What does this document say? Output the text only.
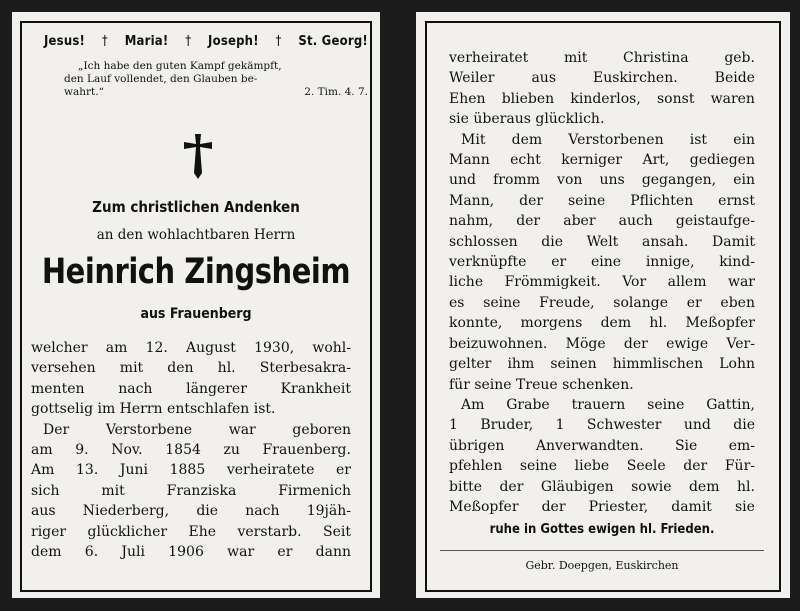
Jesus! † Maria! † Joseph! † St. Georg!
„Ich habe den guten Kampf gekämpft,
den Lauf vollendet, den Glauben be-
wahrt.“	2. Tim. 4. 7.
Zum christlichen Andenken
an den wohlachtbaren Herrn
Heinrich Zingsheim
aus Frauenberg
welcher am 12. August 1930, wohl-
versehen mit den hl. Sterbesakra-
menten nach längerer Krankheit
gottselig im Herrn entschlafen ist.
Der	Verstorbene	war	geboren
am 9. Nov. 1854 zu Frauenberg.
Am 13. Juni 1885 verheiratete er
sich	mit	Franziska	Firmenich
aus Niederberg, die nach 19jäh-
riger glücklicher Ehe verstarb. Seit
dem 6. Juli 1906 war er dann
verheiratet	mit	Christina	geb.
Weiler	aus	Euskirchen.	Beide
Ehen blieben kinderlos, sonst waren
sie überaus glücklich.
Mit dem Verstorbenen ist ein
Mann echt kerniger Art, gediegen
und fromm von uns gegangen, ein
Mann, der seine Pflichten ernst
nahm, der aber auch geistaufge-
schlossen die Welt ansah. Damit
verknüpfte er eine innige, kind-
liche Frömmigkeit. Vor allem war
es seine Freude, solange er eben
konnte, morgens dem hl. Meßopfer
beizuwohnen. Möge der ewige Ver-
gelter ihm seinen himmlischen Lohn
für seine Treue schenken.
Am Grabe trauern seine Gattin,
1 Bruder, 1 Schwester und die
übrigen Anverwandten. Sie em-
pfehlen seine liebe Seele der Für-
bitte der Gläubigen sowie dem hl.
Meßopfer der Priester, damit sie
ruhe in Gottes ewigen hl. Frieden.
Gebr. Doepgen, Euskirchen
